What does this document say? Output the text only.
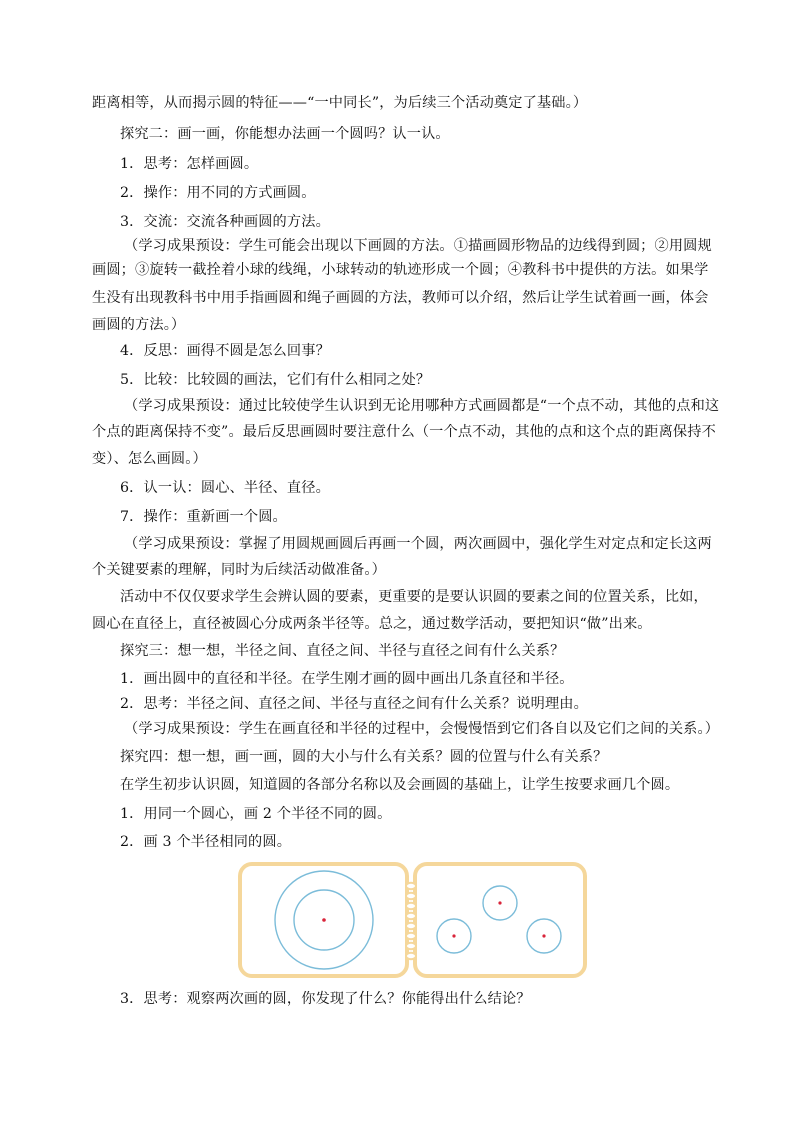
距离相等，从而揭示圆的特征——“一中同长”，为后续三个活动奠定了基础。）
探究二：画一画，你能想办法画一个圆吗？认一认。
1．思考：怎样画圆。
2．操作：用不同的方式画圆。
3．交流：交流各种画圆的方法。
（学习成果预设：学生可能会出现以下画圆的方法。①描画圆形物品的边线得到圆；②用圆规
画圆；③旋转一截拴着小球的线绳，小球转动的轨迹形成一个圆；④教科书中提供的方法。如果学
生没有出现教科书中用手指画圆和绳子画圆的方法，教师可以介绍，然后让学生试着画一画，体会
画圆的方法。）
4．反思：画得不圆是怎么回事？
5．比较：比较圆的画法，它们有什么相同之处？
（学习成果预设：通过比较使学生认识到无论用哪种方式画圆都是“一个点不动，其他的点和这
个点的距离保持不变”。最后反思画圆时要注意什么（一个点不动，其他的点和这个点的距离保持不
变）、怎么画圆。）
6．认一认：圆心、半径、直径。
7．操作：重新画一个圆。
（学习成果预设：掌握了用圆规画圆后再画一个圆，两次画圆中，强化学生对定点和定长这两
个关键要素的理解，同时为后续活动做准备。）
活动中不仅仅要求学生会辨认圆的要素，更重要的是要认识圆的要素之间的位置关系，比如，
圆心在直径上，直径被圆心分成两条半径等。总之，通过数学活动，要把知识“做”出来。
探究三：想一想，半径之间、直径之间、半径与直径之间有什么关系？
1．画出圆中的直径和半径。在学生刚才画的圆中画出几条直径和半径。
2．思考：半径之间、直径之间、半径与直径之间有什么关系？说明理由。
（学习成果预设：学生在画直径和半径的过程中，会慢慢悟到它们各自以及它们之间的关系。）
探究四：想一想，画一画，圆的大小与什么有关系？圆的位置与什么有关系？
在学生初步认识圆，知道圆的各部分名称以及会画圆的基础上，让学生按要求画几个圆。
1．用同一个圆心，画 2 个半径不同的圆。
2．画 3 个半径相同的圆。
3．思考：观察两次画的圆，你发现了什么？你能得出什么结论？
